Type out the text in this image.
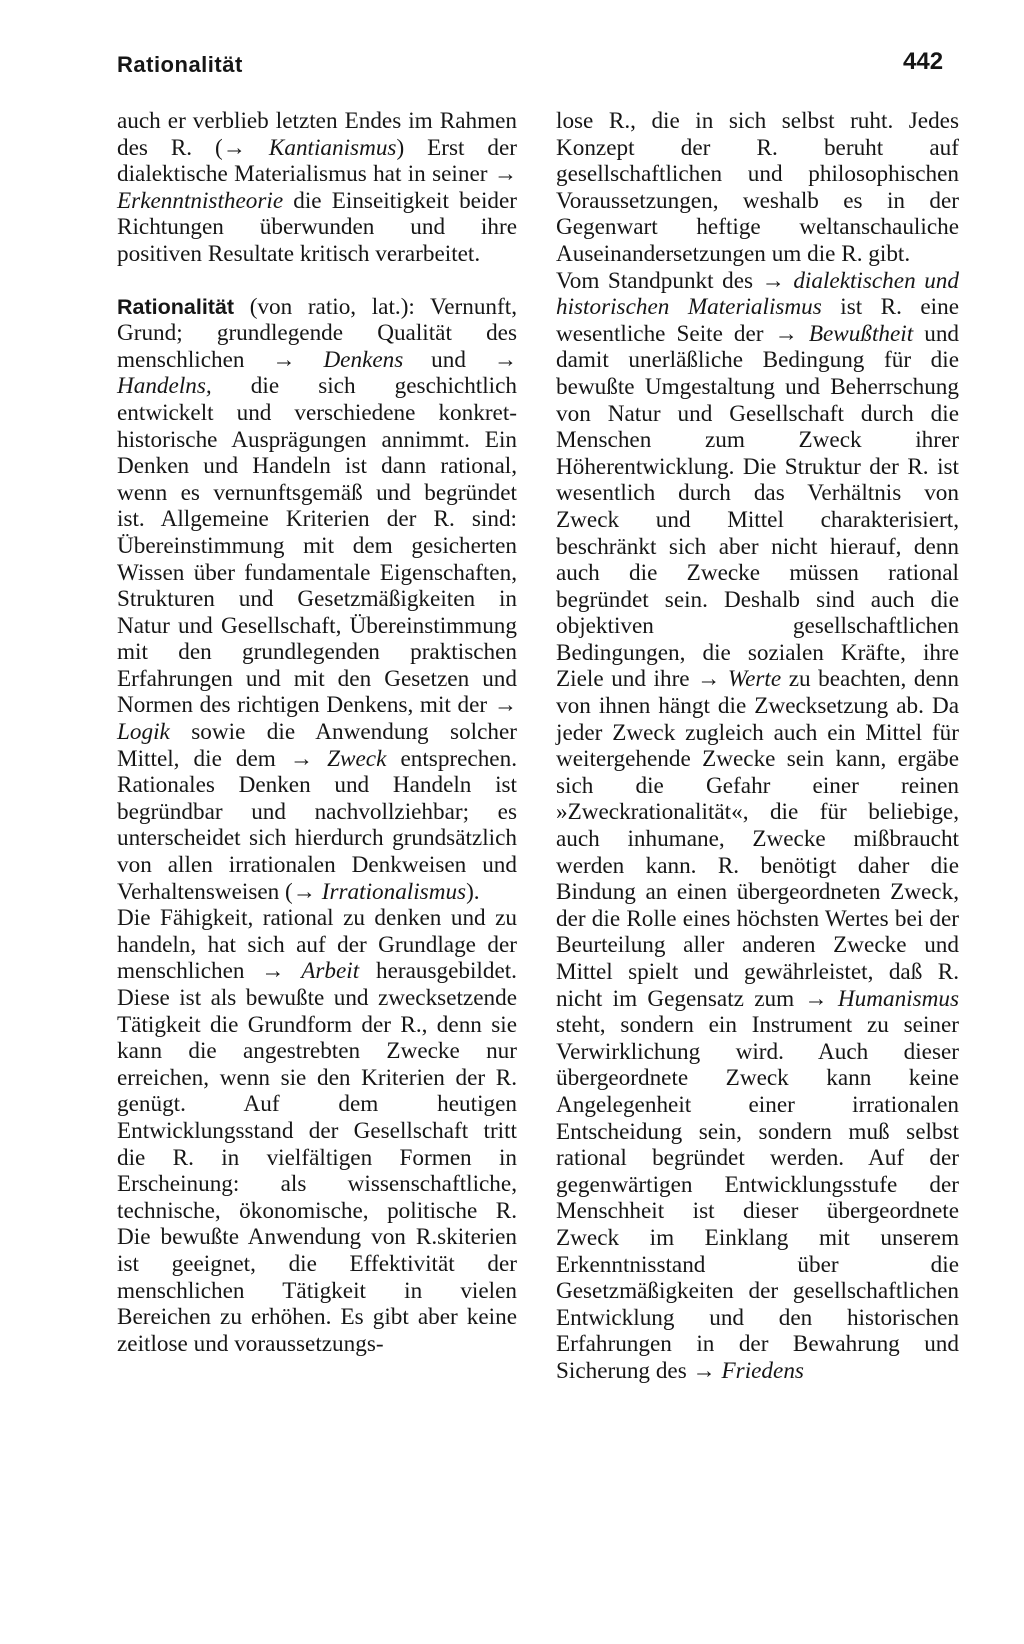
Rationalität	442

auch er verblieb letzten Endes im Rahmen des R. (→ Kantianismus) Erst der dialektische Materialismus hat in seiner → Erkenntnistheorie die Einseitigkeit beider Richtungen überwunden und ihre positiven Resultate kritisch verarbeitet.

Rationalität (von ratio, lat.): Vernunft, Grund; grundlegende Qualität des menschlichen → Denkens und → Handelns, die sich geschichtlich entwickelt und verschiedene konkret-historische Ausprägungen annimmt. Ein Denken und Handeln ist dann rational, wenn es vernunftsgemäß und begründet ist. Allgemeine Kriterien der R. sind: Übereinstimmung mit dem gesicherten Wissen über fundamentale Eigenschaften, Strukturen und Gesetzmäßigkeiten in Natur und Gesellschaft, Übereinstimmung mit den grundlegenden praktischen Erfahrungen und mit den Gesetzen und Normen des richtigen Denkens, mit der → Logik sowie die Anwendung solcher Mittel, die dem → Zweck entsprechen. Rationales Denken und Handeln ist begründbar und nachvollziehbar; es unterscheidet sich hierdurch grundsätzlich von allen irrationalen Denkweisen und Verhaltensweisen (→ Irrationalismus).

Die Fähigkeit, rational zu denken und zu handeln, hat sich auf der Grundlage der menschlichen → Arbeit herausgebildet. Diese ist als bewußte und zwecksetzende Tätigkeit die Grundform der R., denn sie kann die angestrebten Zwecke nur erreichen, wenn sie den Kriterien der R. genügt. Auf dem heutigen Entwicklungsstand der Gesellschaft tritt die R. in vielfältigen Formen in Erscheinung: als wissenschaftliche, technische, ökonomische, politische R. Die bewußte Anwendung von R.skiterien ist geeignet, die Effektivität der menschlichen Tätigkeit in vielen Bereichen zu erhöhen. Es gibt aber keine zeitlose und voraussetzungs-

lose R., die in sich selbst ruht. Jedes Konzept der R. beruht auf gesellschaftlichen und philosophischen Voraussetzungen, weshalb es in der Gegenwart heftige weltanschauliche Auseinandersetzungen um die R. gibt.

Vom Standpunkt des → dialektischen und historischen Materialismus ist R. eine wesentliche Seite der → Bewußtheit und damit unerläßliche Bedingung für die bewußte Umgestaltung und Beherrschung von Natur und Gesellschaft durch die Menschen zum Zweck ihrer Höherentwicklung. Die Struktur der R. ist wesentlich durch das Verhältnis von Zweck und Mittel charakterisiert, beschränkt sich aber nicht hierauf, denn auch die Zwecke müssen rational begründet sein. Deshalb sind auch die objektiven gesellschaftlichen Bedingungen, die sozialen Kräfte, ihre Ziele und ihre → Werte zu beachten, denn von ihnen hängt die Zwecksetzung ab. Da jeder Zweck zugleich auch ein Mittel für weitergehende Zwecke sein kann, ergäbe sich die Gefahr einer reinen »Zweckrationalität«, die für beliebige, auch inhumane, Zwecke mißbraucht werden kann. R. benötigt daher die Bindung an einen übergeordneten Zweck, der die Rolle eines höchsten Wertes bei der Beurteilung aller anderen Zwecke und Mittel spielt und gewährleistet, daß R. nicht im Gegensatz zum → Humanismus steht, sondern ein Instrument zu seiner Verwirklichung wird. Auch dieser übergeordnete Zweck kann keine Angelegenheit einer irrationalen Entscheidung sein, sondern muß selbst rational begründet werden. Auf der gegenwärtigen Entwicklungsstufe der Menschheit ist dieser übergeordnete Zweck im Einklang mit unserem Erkenntnisstand über die Gesetzmäßigkeiten der gesellschaftlichen Entwicklung und den historischen Erfahrungen in der Bewahrung und Sicherung des → Friedens
